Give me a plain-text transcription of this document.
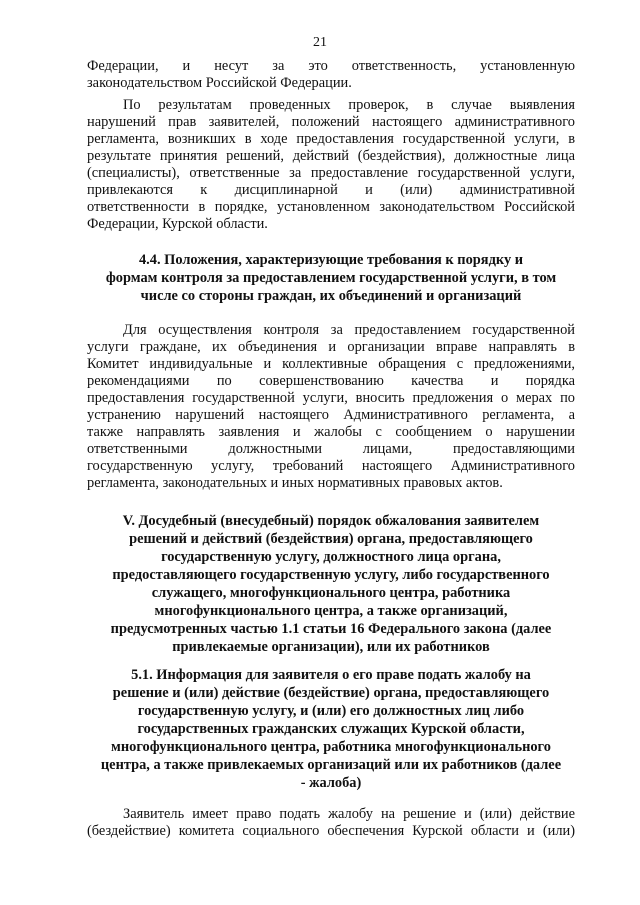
21
Федерации, и несут за это ответственность, установленную
законодательством Российской Федерации.
По результатам проведенных проверок, в случае выявления
нарушений прав заявителей, положений настоящего административного
регламента, возникших в ходе предоставления государственной услуги, в
результате принятия решений, действий (бездействия), должностные лица
(специалисты), ответственные за предоставление государственной услуги,
привлекаются к дисциплинарной и (или) административной
ответственности в порядке, установленном законодательством Российской
Федерации, Курской области.
4.4. Положения, характеризующие требования к порядку и
формам контроля за предоставлением государственной услуги, в том
числе со стороны граждан, их объединений и организаций
Для осуществления контроля за предоставлением государственной
услуги граждане, их объединения и организации вправе направлять в
Комитет индивидуальные и коллективные обращения с предложениями,
рекомендациями по совершенствованию качества и порядка
предоставления государственной услуги, вносить предложения о мерах по
устранению нарушений настоящего Административного регламента, а
также направлять заявления и жалобы с сообщением о нарушении
ответственными должностными лицами, предоставляющими
государственную услугу, требований настоящего Административного
регламента, законодательных и иных нормативных правовых актов.
V. Досудебный (внесудебный) порядок обжалования заявителем
решений и действий (бездействия) органа, предоставляющего
государственную услугу, должностного лица органа,
предоставляющего государственную услугу, либо государственного
служащего, многофункционального центра, работника
многофункционального центра, а также организаций,
предусмотренных частью 1.1 статьи 16 Федерального закона (далее
привлекаемые организации), или их работников
5.1. Информация для заявителя о его праве подать жалобу на
решение и (или) действие (бездействие) органа, предоставляющего
государственную услугу, и (или) его должностных лиц либо
государственных гражданских служащих Курской области,
многофункционального центра, работника многофункционального
центра, а также привлекаемых организаций или их работников (далее
- жалоба)
Заявитель имеет право подать жалобу на решение и (или) действие
(бездействие) комитета социального обеспечения Курской области и (или)
